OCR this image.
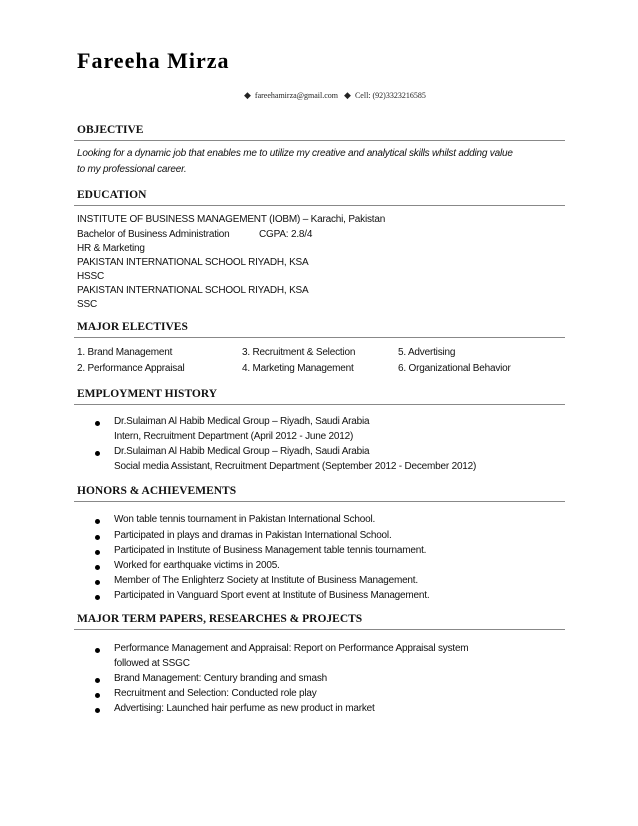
Fareeha Mirza
◆ fareehamirza@gmail.com ◆ Cell: (92)3323216585
OBJECTIVE
Looking for a dynamic job that enables me to utilize my creative and analytical skills whilst adding value
to my professional career.
EDUCATION
INSTITUTE OF BUSINESS MANAGEMENT (IOBM) – Karachi, Pakistan
Bachelor of Business Administration	CGPA: 2.8/4
HR & Marketing
PAKISTAN INTERNATIONAL SCHOOL RIYADH, KSA
HSSC
PAKISTAN INTERNATIONAL SCHOOL RIYADH, KSA
SSC
MAJOR ELECTIVES
1. Brand Management	3. Recruitment & Selection	5. Advertising
2. Performance Appraisal	4. Marketing Management	6. Organizational Behavior
EMPLOYMENT HISTORY
Dr.Sulaiman Al Habib Medical Group – Riyadh, Saudi Arabia
Intern, Recruitment Department (April 2012 - June 2012)
Dr.Sulaiman Al Habib Medical Group – Riyadh, Saudi Arabia
Social media Assistant, Recruitment Department (September 2012 - December 2012)
HONORS & ACHIEVEMENTS
Won table tennis tournament in Pakistan International School.
Participated in plays and dramas in Pakistan International School.
Participated in Institute of Business Management table tennis tournament.
Worked for earthquake victims in 2005.
Member of The Enlighterz Society at Institute of Business Management.
Participated in Vanguard Sport event at Institute of Business Management.
MAJOR TERM PAPERS, RESEARCHES & PROJECTS
Performance Management and Appraisal: Report on Performance Appraisal system
followed at SSGC
Brand Management: Century branding and smash
Recruitment and Selection: Conducted role play
Advertising: Launched hair perfume as new product in market
